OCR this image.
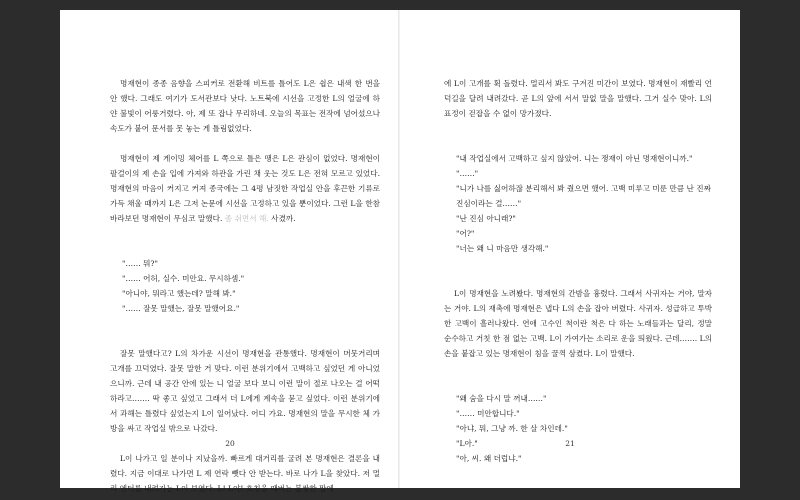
명재현이 종종 음향을 스피커로 전환해 비트를 틀어도 L은 쉽은 내색 한 번을 안 했다. 그래도 여기가 도서관보다 낫다. 노트북에 시선을 고정한 L의 얼굴에 하얀 불빛이 어룽거렸다. 아, 제 또 잡나 무리하네. 오늘의 목표는 전작에 넘어섰으나 속도가 붙어 문서를 못 놓는 게 틀림없었다.

명재현이 제 게이밍 체어를 L 쪽으로 틀은 땡은 L은 관심이 없었다. 명재현이 팔걸이의 제 손을 입에 가져와 하관을 가린 채 웃는 것도 L은 전혀 모르고 있었다. 명재현의 마음이 커지고 커져 종국에는 그 4평 남짓한 작업실 안을 후끈한 기류로 가득 채울 때까지 L은 그저 논문에 시선을 고정하고 있을 뿐이었다. 그런 L을 한참 바라보던 명재현이 무심코 말했다. 좀 쉬면서 해. 사겼까.

"…… 뭐?"

"…… 어허, 실수. 미안요. 무시하셈."

"아니야, 뭐라고 했는데? 말해 봐."

"…… 잘못 말했는, 잘못 말했어요."

잘못 말했다고? L의 차가운 시선이 명재현을 관통했다. 명재현이 머뭇거리며 고개를 끄덕였다. 잘못 말한 거 맞다. 이런 분위기에서 고백하고 싶었던 게 아니었으니까. 근데 내 공간 안에 있는 니 얼굴 보다 보니 이런 말이 절로 나오는 걸 어떡하라고……. 딱 좋고 싶었고 그래서 더 L에게 계속을 묻고 싶었다. 이런 분위기에서 과해는 틀렸다 싶었는지 L이 일어났다. 어디 가요. 명재현의 말을 무시한 체 가방을 싸고 작업실 밖으로 나갔다.

L이 나가고 일 분이나 지났을까. 빠르게 대거리를 굴려 본 명재현은 결론을 내렸다. 지금 이대로 나가면 L 제 연락 뺏다 안 받는다. 바로 나가 L을 찾았다. 저 멀리 엔터를 내려가는 L이 보였다. L! L야! 호칭을 때버는 불쌍한 말에

20

에 L이 고개를 휙 돌렸다. 멀리서 봐도 구겨진 미간이 보였다. 명재현이 재빨리 언덕길을 달려 내려갔다. 곧 L의 앞에 서서 말없 말을 말했다. 그거 실수 맞아. L의 표정이 걷잡을 수 없이 망가졌다.

"내 작업실에서 고백하고 싶지 않았어. 니는 쟁재이 아닌 명재현이니까."

"……"

"니가 나를 싫어하잖 분리해서 봐 줬으면 했어. 고백 미루고 미룬 만큼 난 진짜 진심이라는 걸……"

"난 진심 아니래?"

"어?"

"너는 왜 니 마음만 생각해."

L이 명재현을 노려봤다. 명재현의 간밤을 흉렸다. 그래서 사귀자는 거야, 말자는 거야. L의 재촉에 명재현은 냅다 L의 손을 잡아 버렸다. 사귀자. 성급하고 투박한 고백이 흘러나왔다. 연애 고수인 척이란 척은 다 하는 노래들과는 달리, 정말 순수하고 거칫 한 점 없는 고백. L이 가여가는 소리로 운을 띄웠다. 근데……. L의 손을 붙잡고 있는 명재현이 침을 꿀꺽 삼켰다. L이 말했다.

"왜 숨을 다시 말 꺼내……"

"…… 미안합니다."

"아냐, 뭐, 그냥 까. 한 살 차인데."

"L아."

"아, 씨. 왜 더럽냐."

21
